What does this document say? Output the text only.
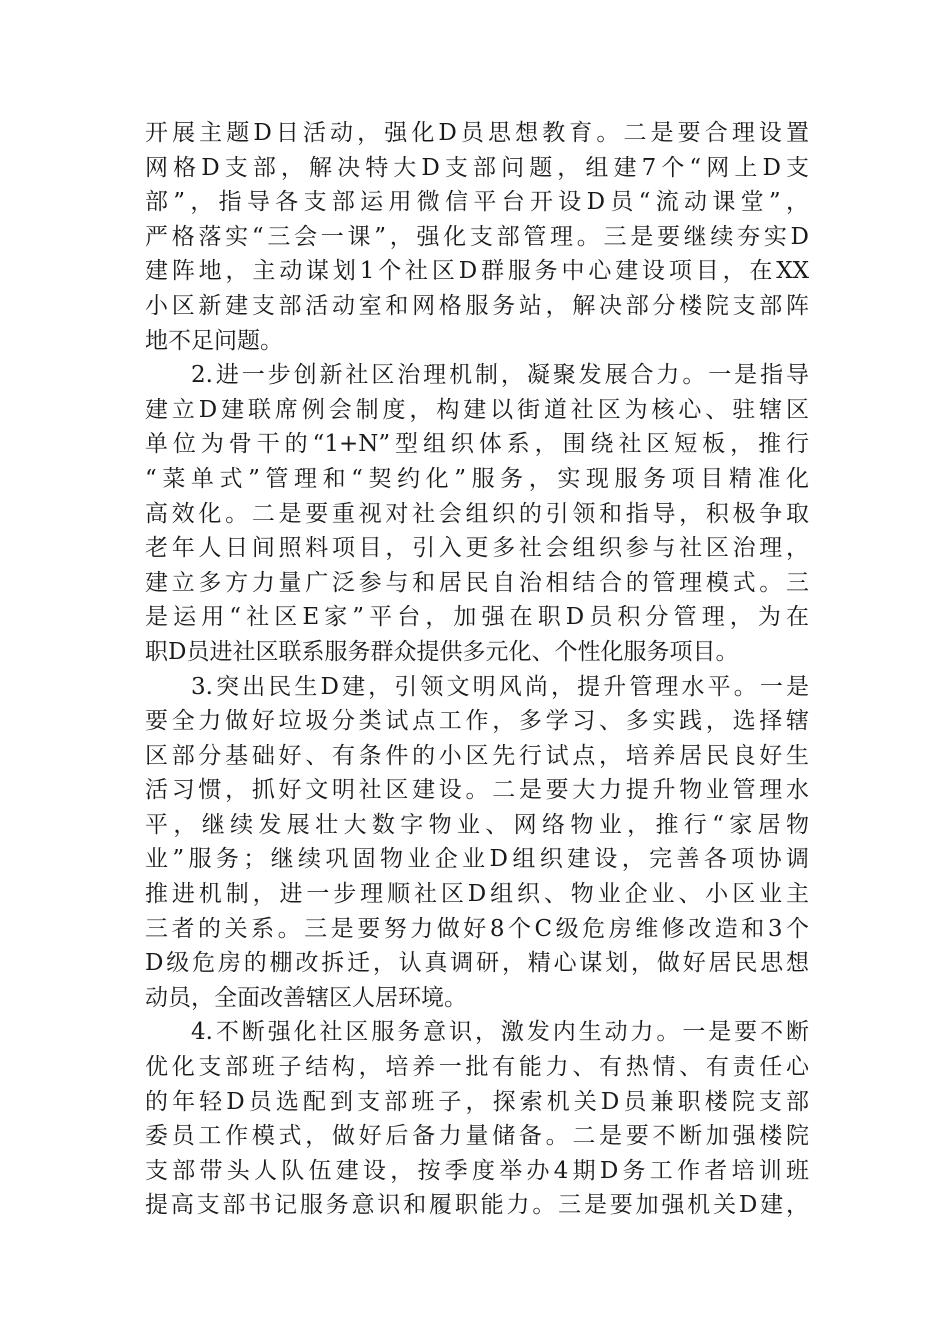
开展主题D日活动，强化D员思想教育。二是要合理设置
网格D支部，解决特大D支部问题，组建7个“网上D支
部”，指导各支部运用微信平台开设D员“流动课堂”，
严格落实“三会一课”，强化支部管理。三是要继续夯实D
建阵地，主动谋划1个社区D群服务中心建设项目，在XX
小区新建支部活动室和网格服务站，解决部分楼院支部阵
地不足问题。
2.进一步创新社区治理机制，凝聚发展合力。一是指导
建立D建联席例会制度，构建以街道社区为核心、驻辖区
单位为骨干的“1+N”型组织体系，围绕社区短板，推行
“菜单式”管理和“契约化”服务，实现服务项目精准化
高效化。二是要重视对社会组织的引领和指导，积极争取
老年人日间照料项目，引入更多社会组织参与社区治理，
建立多方力量广泛参与和居民自治相结合的管理模式。三
是运用“社区E家”平台，加强在职D员积分管理，为在
职D员进社区联系服务群众提供多元化、个性化服务项目。
3.突出民生D建，引领文明风尚，提升管理水平。一是
要全力做好垃圾分类试点工作，多学习、多实践，选择辖
区部分基础好、有条件的小区先行试点，培养居民良好生
活习惯，抓好文明社区建设。二是要大力提升物业管理水
平，继续发展壮大数字物业、网络物业，推行“家居物
业”服务；继续巩固物业企业D组织建设，完善各项协调
推进机制，进一步理顺社区D组织、物业企业、小区业主
三者的关系。三是要努力做好8个C级危房维修改造和3个
D级危房的棚改拆迁，认真调研，精心谋划，做好居民思想
动员，全面改善辖区人居环境。
4.不断强化社区服务意识，激发内生动力。一是要不断
优化支部班子结构，培养一批有能力、有热情、有责任心
的年轻D员选配到支部班子，探索机关D员兼职楼院支部
委员工作模式，做好后备力量储备。二是要不断加强楼院
支部带头人队伍建设，按季度举办4期D务工作者培训班
提高支部书记服务意识和履职能力。三是要加强机关D建，
